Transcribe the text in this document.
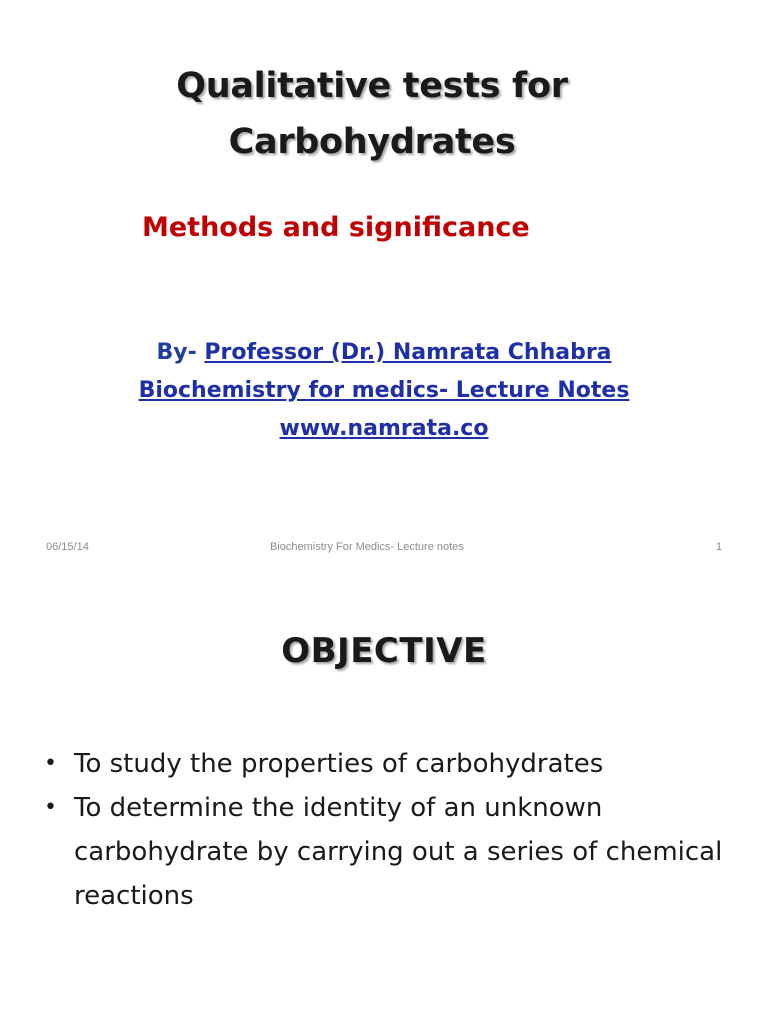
Qualitative tests for
Carbohydrates
Methods and significance
By- Professor (Dr.) Namrata Chhabra
Biochemistry for medics- Lecture Notes
www.namrata.co
06/15/14	Biochemistry For Medics- Lecture notes	1
OBJECTIVE
• To study the properties of carbohydrates
• To determine the identity of an unknown carbohydrate by carrying out a series of chemical reactions
